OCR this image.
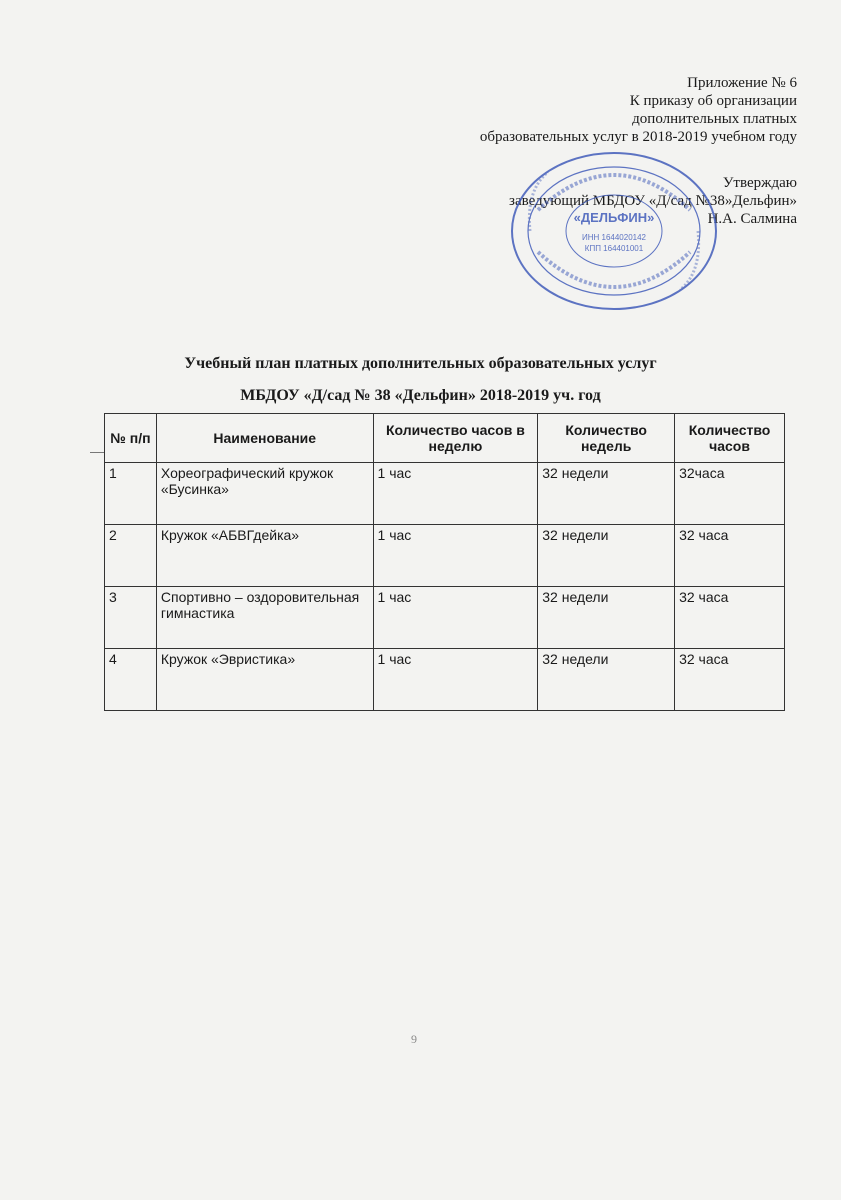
Приложение № 6
К приказу об организации
дополнительных платных
образовательных услуг в 2018-2019 учебном году
Утверждаю
заведующий МБДОУ «Д/сад №38»Дельфин»
Н.А. Салмина
«ДЕЛЬФИН»
ИНН 1644020142
КПП 164401001
Учебный план платных дополнительных образовательных услуг
МБДОУ «Д/сад № 38 «Дельфин» 2018-2019 уч. год
№ п/п	Наименование	Количество часов в неделю	Количество недель	Количество часов
1	Хореографический кружок «Бусинка»	1 час	32 недели	32часа
2	Кружок «АБВГдейка»	1 час	32 недели	32 часа
3	Спортивно – оздоровительная гимнастика	1 час	32 недели	32 часа
4	Кружок «Эвристика»	1 час	32 недели	32 часа
9
